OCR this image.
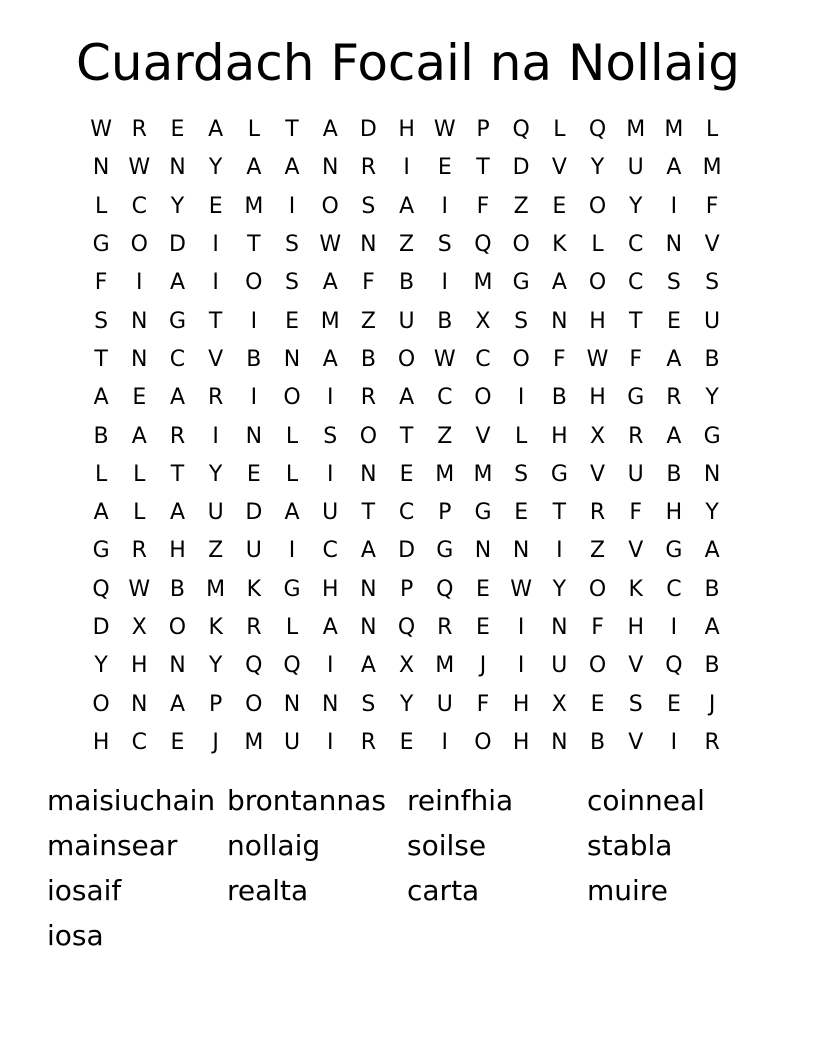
Cuardach Focail na Nollaig
W R	E	A	L	T	A	D H W P	Q	L	Q M M	L
N W N	Y	A	A	N	R	I	E	T	D	V	Y	U	A M
L	C	Y	E M	I	O	S	A	I	F	Z	E	O	Y	I	F
G O D	I	T	S W N	Z	S	Q O	K	L	C	N	V
F	I	A	I	O	S	A	F	B	I	M G	A O C	S	S
S	N G	T	I	E M Z	U	B	X	S	N H	T	E	U
T	N	C	V	B	N	A	B O W C O	F W F	A	B
A	E	A	R	I	O	I	R	A	C O	I	B	H G	R	Y
B	A	R	I	N	L	S	O	T	Z	V	L	H	X	R	A	G
L	L	T	Y	E	L	I	N	E M M S	G	V	U	B	N
A	L	A	U D	A	U	T	C	P	G	E	T	R	F	H	Y
G	R	H	Z	U	I	C	A	D G N N	I	Z	V	G	A
Q W B M K	G H N	P	Q	E W Y	O	K	C	B
D	X O	K	R	L	A	N Q R	E	I	N	F	H	I	A
Y	H N	Y	Q Q	I	A	X M	J	I	U O	V Q B
O N	A	P	O N N	S	Y	U	F	H	X	E	S	E	J
H	C	E	J	M U	I	R	E	I	O H N	B	V	I	R
maisiuchain brontannas reinfhia	coinneal
mainsear	nollaig	soilse	stabla
iosaif	realta	carta	muire
iosa
